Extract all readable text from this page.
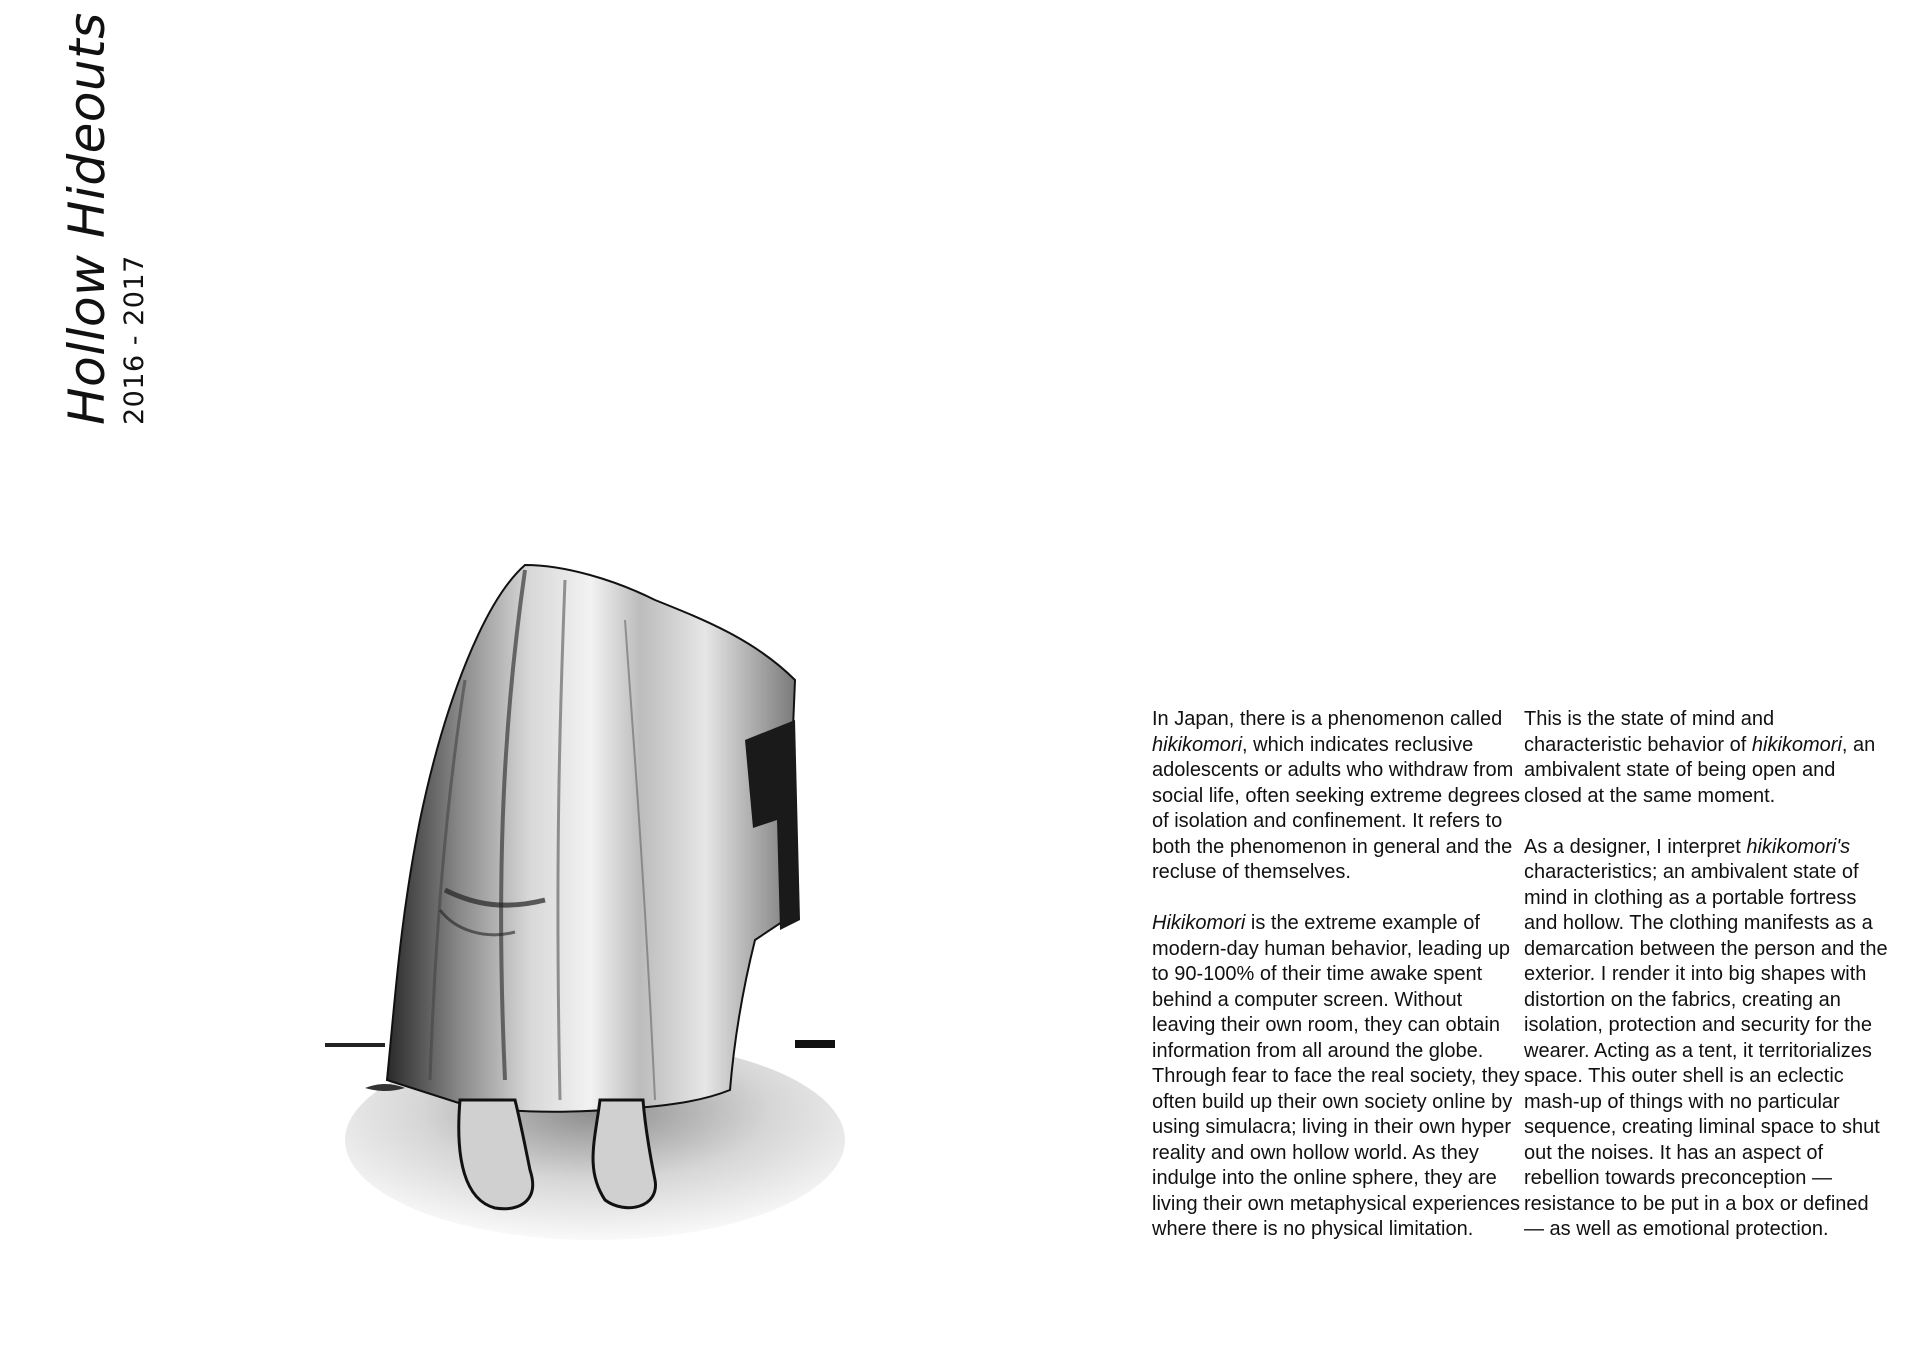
Hollow Hideouts 2016 - 2017

In Japan, there is a phenomenon called hikikomori, which indicates reclusive adolescents or adults who withdraw from social life, often seeking extreme degrees of isolation and confinement. It refers to both the phenomenon in general and the recluse of themselves.

Hikikomori is the extreme example of modern-day human behavior, leading up to 90-100% of their time awake spent behind a computer screen. Without leaving their own room, they can obtain information from all around the globe. Through fear to face the real society, they often build up their own society online by using simulacra; living in their own hyper reality and own hollow world. As they indulge into the online sphere, they are living their own metaphysical experiences where there is no physical limitation.

This is the state of mind and characteristic behavior of hikikomori, an ambivalent state of being open and closed at the same moment.

As a designer, I interpret hikikomori's characteristics; an ambivalent state of mind in clothing as a portable fortress and hollow. The clothing manifests as a demarcation between the person and the exterior. I render it into big shapes with distortion on the fabrics, creating an isolation, protection and security for the wearer. Acting as a tent, it territorializes space. This outer shell is an eclectic mash-up of things with no particular sequence, creating liminal space to shut out the noises. It has an aspect of rebellion towards preconception — resistance to be put in a box or defined — as well as emotional protection.
